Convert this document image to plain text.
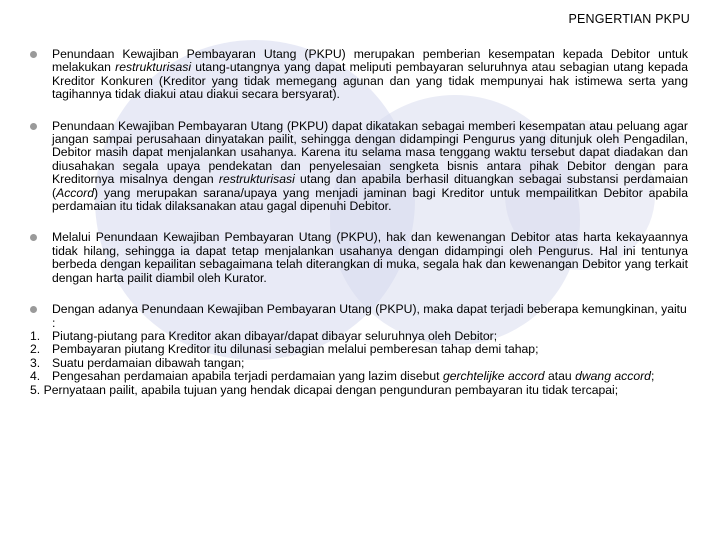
PENGERTIAN PKPU
Penundaan Kewajiban Pembayaran Utang (PKPU) merupakan pemberian kesempatan kepada Debitor untuk melakukan restrukturisasi utang-utangnya yang dapat meliputi pembayaran seluruhnya atau sebagian utang kepada Kreditor Konkuren (Kreditor yang tidak memegang agunan dan yang tidak mempunyai hak istimewa serta yang tagihannya tidak diakui atau diakui secara bersyarat).
Penundaan Kewajiban Pembayaran Utang (PKPU) dapat dikatakan sebagai memberi kesempatan atau peluang agar jangan sampai perusahaan dinyatakan pailit, sehingga dengan didampingi Pengurus yang ditunjuk oleh Pengadilan, Debitor masih dapat menjalankan usahanya. Karena itu selama masa tenggang waktu tersebut dapat diadakan dan diusahakan segala upaya pendekatan dan penyelesaian sengketa bisnis antara pihak Debitor dengan para Kreditornya misalnya dengan restrukturisasi utang dan apabila berhasil dituangkan sebagai substansi perdamaian (Accord) yang merupakan sarana/upaya yang menjadi jaminan bagi Kreditor untuk mempailitkan Debitor apabila perdamaian itu tidak dilaksanakan atau gagal dipenuhi Debitor.
Melalui Penundaan Kewajiban Pembayaran Utang (PKPU), hak dan kewenangan Debitor atas harta kekayaannya tidak hilang, sehingga ia dapat tetap menjalankan usahanya dengan didampingi oleh Pengurus. Hal ini tentunya berbeda dengan kepailitan sebagaimana telah diterangkan di muka, segala hak dan kewenangan Debitor yang terkait dengan harta pailit diambil oleh Kurator.
Dengan adanya Penundaan Kewajiban Pembayaran Utang (PKPU), maka dapat terjadi beberapa kemungkinan, yaitu :
1. Piutang-piutang para Kreditor akan dibayar/dapat dibayar seluruhnya oleh Debitor;
2. Pembayaran piutang Kreditor itu dilunasi sebagian melalui pemberesan tahap demi tahap;
3. Suatu perdamaian dibawah tangan;
4. Pengesahan perdamaian apabila terjadi perdamaian yang lazim disebut gerchtelijke accord atau dwang accord;
5. Pernyataan pailit, apabila tujuan yang hendak dicapai dengan pengunduran pembayaran itu tidak tercapai;
